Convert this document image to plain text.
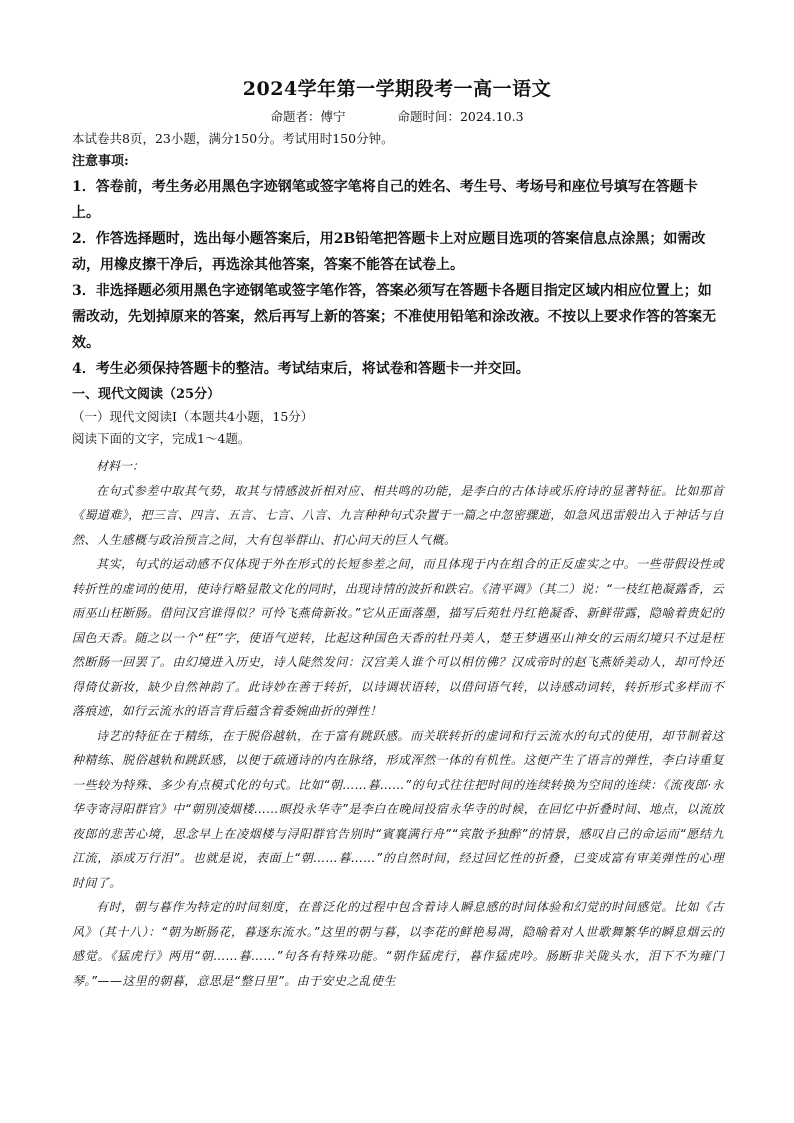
2024学年第一学期段考一高一语文
命题者：傅宁	命题时间：2024.10.3

本试卷共8页，23小题，满分150分。考试用时150分钟。

注意事项:

1．答卷前，考生务必用黑色字迹钢笔或签字笔将自己的姓名、考生号、考场号和座位号填写在答题卡上。

2．作答选择题时，选出每小题答案后，用2B铅笔把答题卡上对应题目选项的答案信息点涂黑；如需改动，用橡皮擦干净后，再选涂其他答案，答案不能答在试卷上。

3．非选择题必须用黑色字迹钢笔或签字笔作答，答案必须写在答题卡各题目指定区域内相应位置上；如需改动，先划掉原来的答案，然后再写上新的答案；不准使用铅笔和涂改液。不按以上要求作答的答案无效。

4．考生必须保持答题卡的整洁。考试结束后，将试卷和答题卡一并交回。

一、现代文阅读（25分）

（一）现代文阅读Ⅰ（本题共4小题，15分）

阅读下面的文字，完成1～4题。

材料一：

在句式参差中取其气势，取其与情感波折相对应、相共鸣的功能，是李白的古体诗或乐府诗的显著特征。比如那首《蜀道难》，把三言、四言、五言、七言、八言、九言种种句式杂置于一篇之中忽密骤逝，如急风迅雷般出入于神话与自然、人生感概与政治预言之间，大有包举群山、扪心问天的巨人气概。

其实，句式的运动感不仅体现于外在形式的长短参差之间，而且体现于内在组合的正反虚实之中。一些带假设性或转折性的虚词的使用，使诗行略显散文化的同时，出现诗情的波折和跌宕。《清平调》（其二）说：“一枝红艳凝露香，云雨巫山枉断肠。借问汉宫谁得似？可怜飞燕倚新妆。”它从正面落墨，描写后苑牡丹红艳凝香、新鲜带露，隐喻着贵妃的国色天香。随之以一个“枉”字，使语气逆转，比起这种国色天香的牡丹美人，楚王梦遇巫山神女的云雨幻境只不过是枉然断肠一回罢了。由幻境进入历史，诗人陡然发问：汉宫美人谁个可以相仿佛？汉成帝时的赵飞燕娇美动人，却可怜还得倚仗新妆，缺少自然神韵了。此诗妙在善于转折，以诗调状语转，以借问语气转，以诗感动词转，转折形式多样而不落痕迹，如行云流水的语言背后蕴含着委婉曲折的弹性！

诗艺的特征在于精练，在于脱俗越轨，在于富有跳跃感。而关联转折的虚词和行云流水的句式的使用，却节制着这种精练、脱俗越轨和跳跃感，以便于疏通诗的内在脉络，形成浑然一体的有机性。这便产生了语言的弹性，李白诗重复一些较为特殊、多少有点模式化的句式。比如“朝……暮……”的句式往往把时间的连续转换为空间的连续：《流夜郎·永华寺寄浔阳群官》中“朝别凌烟楼……暝投永华寺”是李白在晚间投宿永华寺的时候，在回忆中折叠时间、地点，以流放夜郎的悲苦心境，思念早上在凌烟楼与浔阳群官告别时“賓襄满行舟”“宾散予独醉”的情景，感叹自己的命运而“愿结九江流，添成万行泪”。也就是说，表面上“朝……暮……”的自然时间，经过回忆性的折叠，已变成富有审美弹性的心理时间了。

有时，朝与暮作为特定的时间刻度，在普泛化的过程中包含着诗人瞬息感的时间体验和幻觉的时间感觉。比如《古风》（其十八）：“朝为断肠花，暮逐东流水。”这里的朝与暮，以李花的鲜艳易凋，隐喻着对人世歌舞繁华的瞬息烟云的感觉。《猛虎行》两用“朝……暮……”句各有特殊功能。“朝作猛虎行，暮作猛虎吟。肠断非关陇头水，泪下不为雍门琴。”——这里的朝暮，意思是“整日里”。由于安史之乱使生
